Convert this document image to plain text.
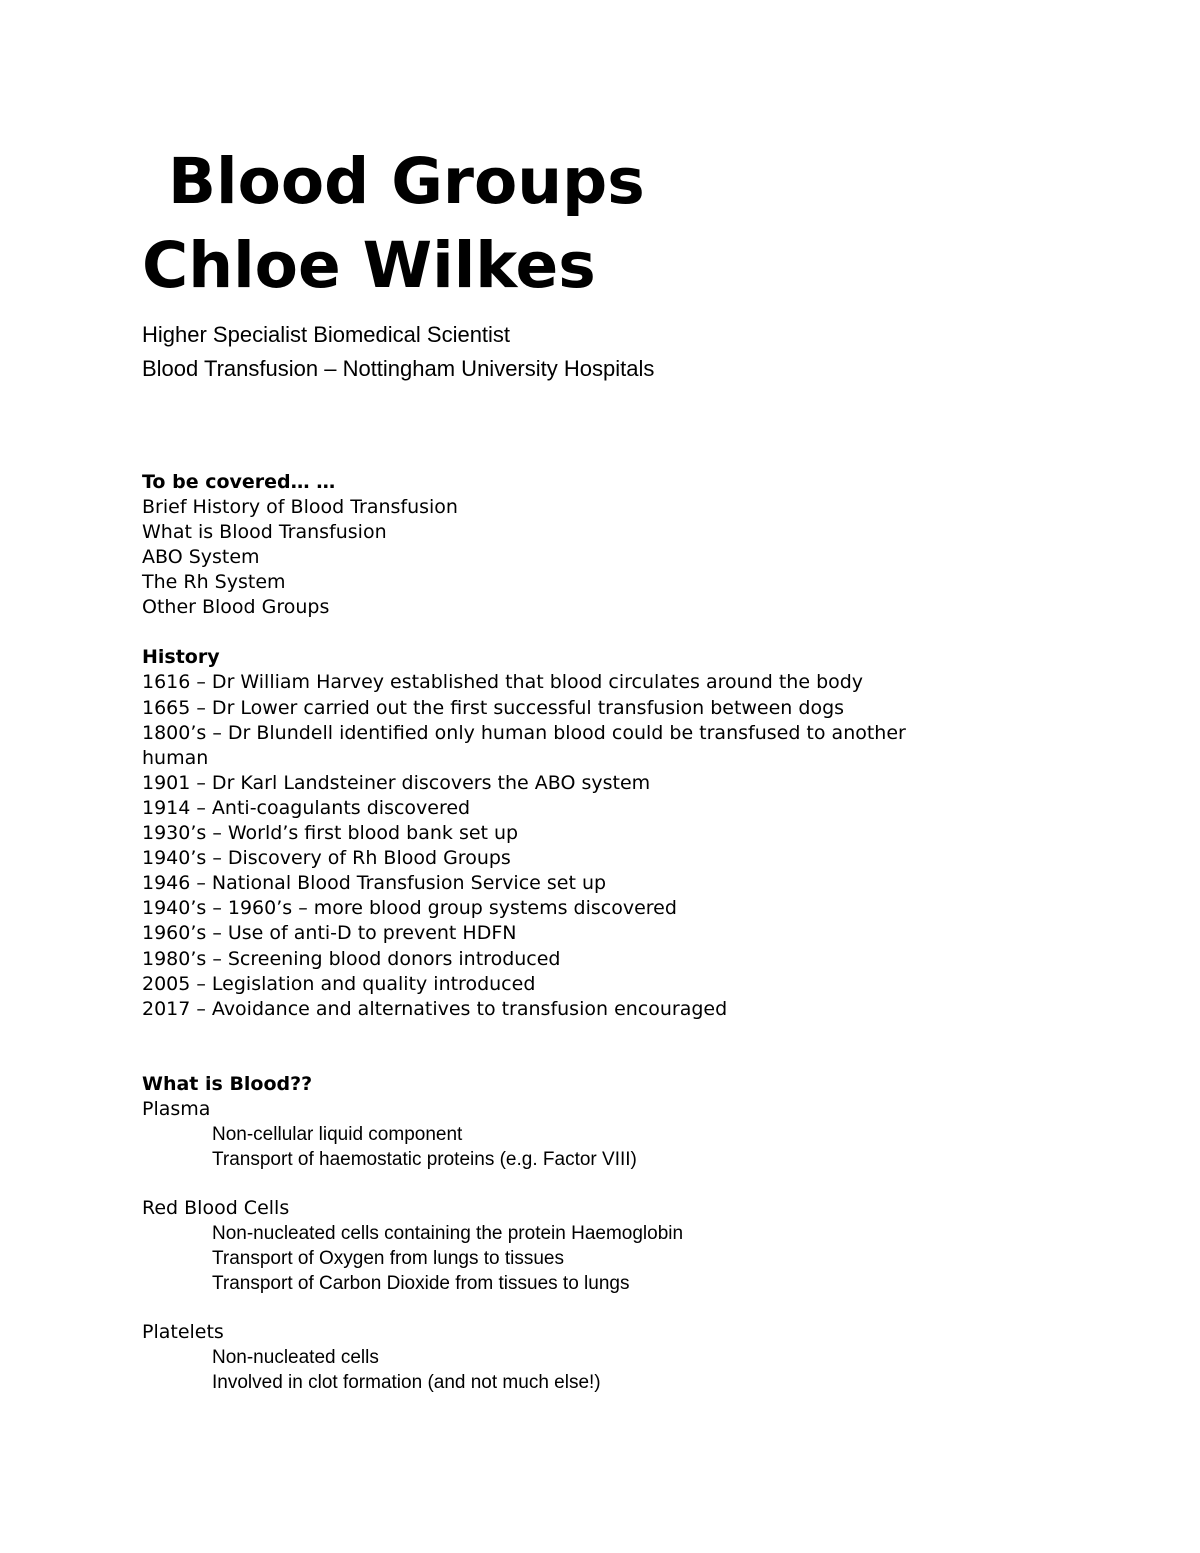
Blood Groups
Chloe Wilkes

Higher Specialist Biomedical Scientist

Blood Transfusion – Nottingham University Hospitals

To be covered… …

Brief History of Blood Transfusion

What is Blood Transfusion

ABO System

The Rh System

Other Blood Groups

History

1616 – Dr William Harvey established that blood circulates around the body

1665 – Dr Lower carried out the first successful transfusion between dogs

1800’s – Dr Blundell identified only human blood could be transfused to another

human

1901 – Dr Karl Landsteiner discovers the ABO system

1914 – Anti-coagulants discovered

1930’s – World’s first blood bank set up

1940’s – Discovery of Rh Blood Groups

1946 – National Blood Transfusion Service set up

1940’s – 1960’s – more blood group systems discovered

1960’s – Use of anti-D to prevent HDFN

1980’s – Screening blood donors introduced

2005 – Legislation and quality introduced

2017 – Avoidance and alternatives to transfusion encouraged

What is Blood??

Plasma

Non-cellular liquid component

Transport of haemostatic proteins (e.g. Factor VIII)

Red Blood Cells

Non-nucleated cells containing the protein Haemoglobin

Transport of Oxygen from lungs to tissues

Transport of Carbon Dioxide from tissues to lungs

Platelets

Non-nucleated cells

Involved in clot formation (and not much else!)
